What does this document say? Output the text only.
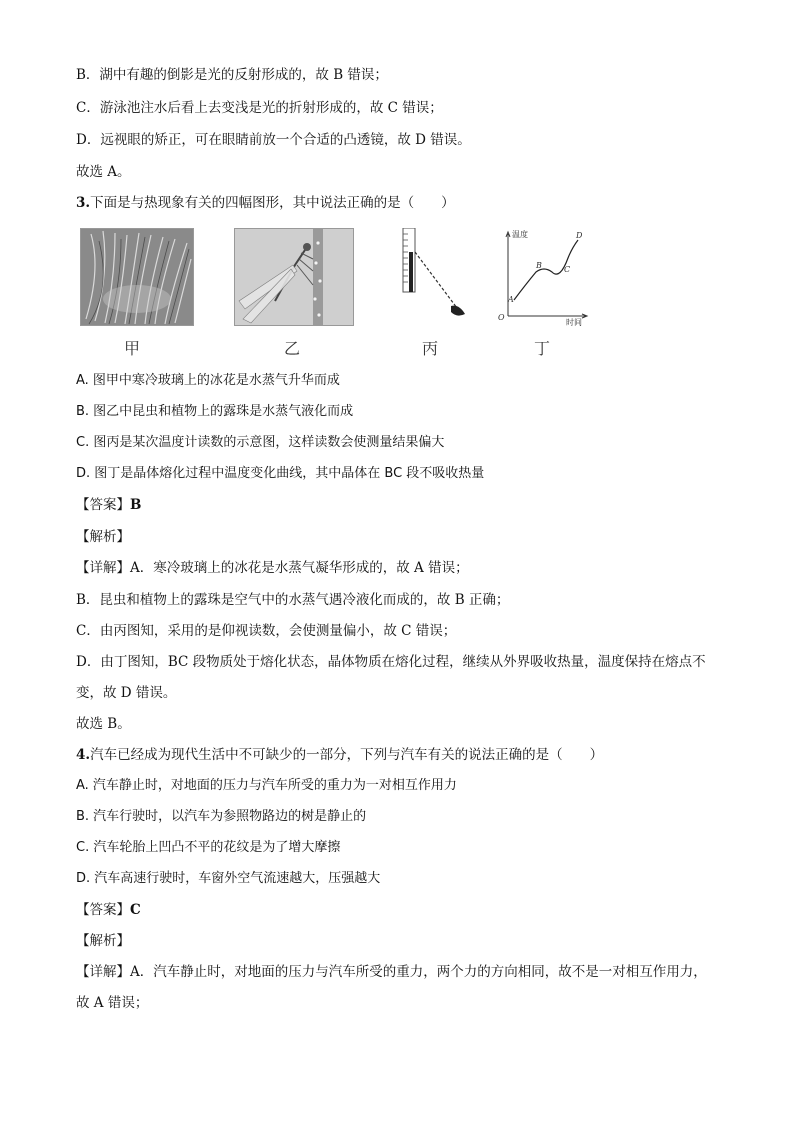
B．湖中有趣的倒影是光的反射形成的，故 B 错误；
C．游泳池注水后看上去变浅是光的折射形成的，故 C 错误；
D．远视眼的矫正，可在眼睛前放一个合适的凸透镜，故 D 错误。
故选 A。
3.下面是与热现象有关的四幅图形，其中说法正确的是（　　）
甲	乙	丙
温度
时间
O
A
B	C
D
丁
A. 图甲中寒冷玻璃上的冰花是水蒸气升华而成
B. 图乙中昆虫和植物上的露珠是水蒸气液化而成
C. 图丙是某次温度计读数的示意图，这样读数会使测量结果偏大
D. 图丁是晶体熔化过程中温度变化曲线，其中晶体在 BC 段不吸收热量
【答案】B
【解析】
【详解】A．寒冷玻璃上的冰花是水蒸气凝华形成的，故 A 错误；
B．昆虫和植物上的露珠是空气中的水蒸气遇冷液化而成的，故 B 正确；
C．由丙图知，采用的是仰视读数，会使测量偏小，故 C 错误；
D．由丁图知，BC 段物质处于熔化状态，晶体物质在熔化过程，继续从外界吸收热量，温度保持在熔点不
变，故 D 错误。
故选 B。
4.汽车已经成为现代生活中不可缺少的一部分，下列与汽车有关的说法正确的是（　　）
A. 汽车静止时，对地面的压力与汽车所受的重力为一对相互作用力
B. 汽车行驶时，以汽车为参照物路边的树是静止的
C. 汽车轮胎上凹凸不平的花纹是为了增大摩擦
D. 汽车高速行驶时，车窗外空气流速越大，压强越大
【答案】C
【解析】
【详解】A．汽车静止时，对地面的压力与汽车所受的重力，两个力的方向相同，故不是一对相互作用力，
故 A 错误；
